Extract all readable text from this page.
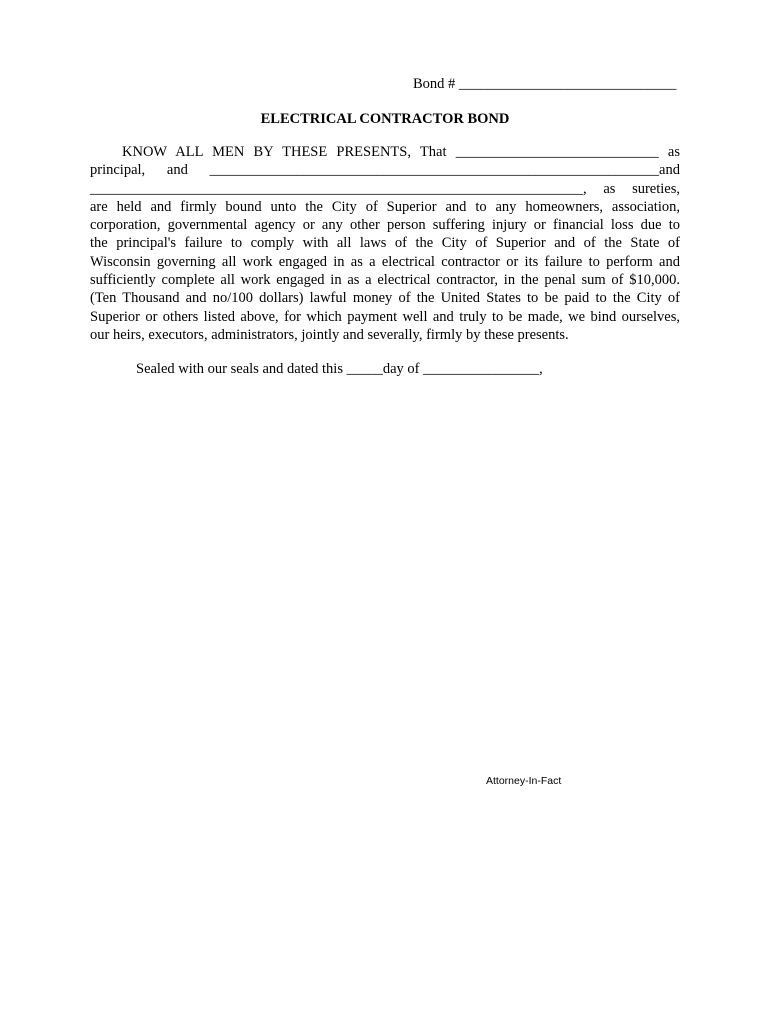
Bond # ______________________________
ELECTRICAL CONTRACTOR BOND
KNOW ALL MEN BY THESE PRESENTS, That ____________________________ as
principal, and ______________________________________________________________and
____________________________________________________________________, as sureties,
are held and firmly bound unto the City of Superior and to any homeowners, association,
corporation, governmental agency or any other person suffering injury or financial loss due to
the principal's failure to comply with all laws of the City of Superior and of the State of
Wisconsin governing all work engaged in as a electrical contractor or its failure to perform and
sufficiently complete all work engaged in as a electrical contractor, in the penal sum of $10,000.
(Ten Thousand and no/100 dollars) lawful money of the United States to be paid to the City of
Superior or others listed above, for which payment well and truly to be made, we bind ourselves,
our heirs, executors, administrators, jointly and severally, firmly by these presents.
Sealed with our seals and dated this _____day of ________________,
Attorney-In-Fact
